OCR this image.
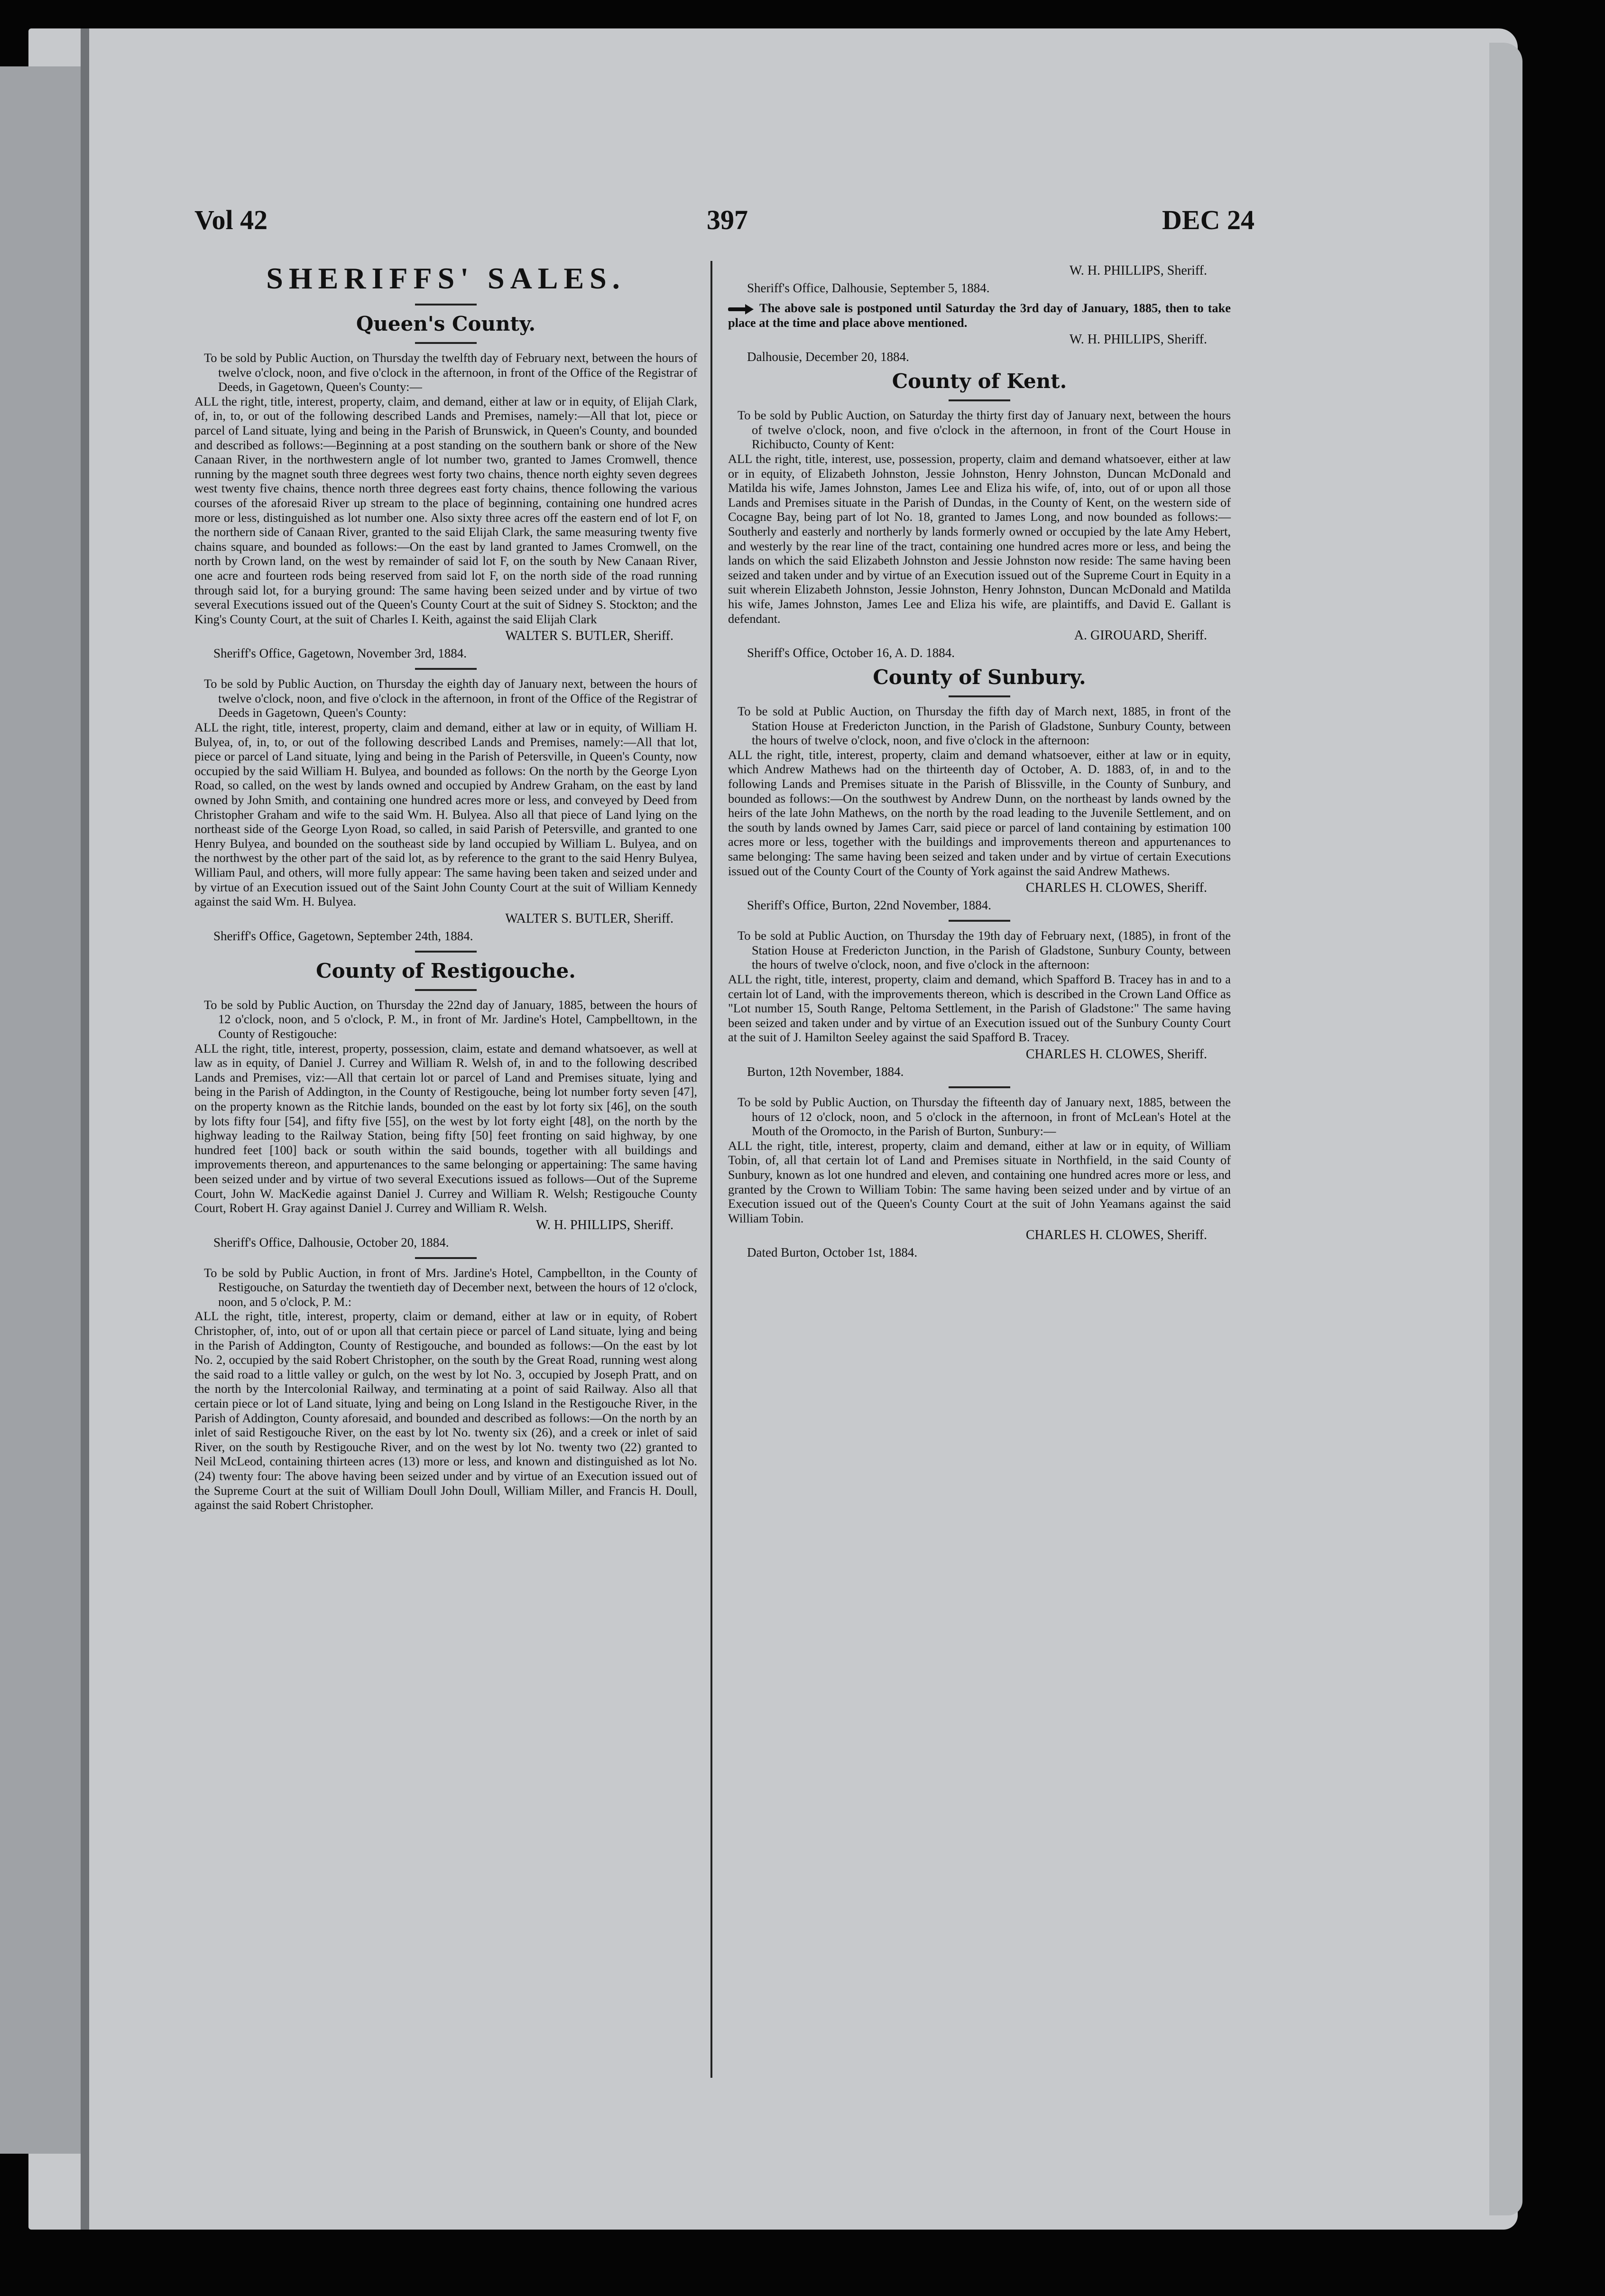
Vol 42	397	DEC 24
SHERIFFS' SALES.
Queen's County.

To be sold by Public Auction, on Thursday the twelfth day of February next, between the hours of twelve o'clock, noon, and five o'clock in the afternoon, in front of the Office of the Registrar of Deeds, in Gagetown, Queen's County:—

ALL the right, title, interest, property, claim, and demand, either at law or in equity, of Elijah Clark, of, in, to, or out of the following described Lands and Premises, namely:—All that lot, piece or parcel of Land situate, lying and being in the Parish of Brunswick, in Queen's County, and bounded and described as follows:—Beginning at a post standing on the southern bank or shore of the New Canaan River, in the northwestern angle of lot number two, granted to James Cromwell, thence running by the magnet south three degrees west forty two chains, thence north eighty seven degrees west twenty five chains, thence north three degrees east forty chains, thence following the various courses of the aforesaid River up stream to the place of beginning, containing one hundred acres more or less, distinguished as lot number one. Also sixty three acres off the eastern end of lot F, on the northern side of Canaan River, granted to the said Elijah Clark, the same measuring twenty five chains square, and bounded as follows:—On the east by land granted to James Cromwell, on the north by Crown land, on the west by remainder of said lot F, on the south by New Canaan River, one acre and fourteen rods being reserved from said lot F, on the north side of the road running through said lot, for a burying ground: The same having been seized under and by virtue of two several Executions issued out of the Queen's County Court at the suit of Sidney S. Stockton; and the King's County Court, at the suit of Charles I. Keith, against the said Elijah Clark

WALTER S. BUTLER, Sheriff.
Sheriff's Office, Gagetown, November 3rd, 1884.

To be sold by Public Auction, on Thursday the eighth day of January next, between the hours of twelve o'clock, noon, and five o'clock in the afternoon, in front of the Office of the Registrar of Deeds in Gagetown, Queen's County:

ALL the right, title, interest, property, claim and demand, either at law or in equity, of William H. Bulyea, of, in, to, or out of the following described Lands and Premises, namely:—All that lot, piece or parcel of Land situate, lying and being in the Parish of Petersville, in Queen's County, now occupied by the said William H. Bulyea, and bounded as follows: On the north by the George Lyon Road, so called, on the west by lands owned and occupied by Andrew Graham, on the east by land owned by John Smith, and containing one hundred acres more or less, and conveyed by Deed from Christopher Graham and wife to the said Wm. H. Bulyea. Also all that piece of Land lying on the northeast side of the George Lyon Road, so called, in said Parish of Petersville, and granted to one Henry Bulyea, and bounded on the southeast side by land occupied by William L. Bulyea, and on the northwest by the other part of the said lot, as by reference to the grant to the said Henry Bulyea, William Paul, and others, will more fully appear: The same having been taken and seized under and by virtue of an Execution issued out of the Saint John County Court at the suit of William Kennedy against the said Wm. H. Bulyea.

WALTER S. BUTLER, Sheriff.
Sheriff's Office, Gagetown, September 24th, 1884.
County of Restigouche.

To be sold by Public Auction, on Thursday the 22nd day of January, 1885, between the hours of 12 o'clock, noon, and 5 o'clock, P. M., in front of Mr. Jardine's Hotel, Campbelltown, in the County of Restigouche:

ALL the right, title, interest, property, possession, claim, estate and demand whatsoever, as well at law as in equity, of Daniel J. Currey and William R. Welsh of, in and to the following described Lands and Premises, viz:—All that certain lot or parcel of Land and Premises situate, lying and being in the Parish of Addington, in the County of Restigouche, being lot number forty seven [47], on the property known as the Ritchie lands, bounded on the east by lot forty six [46], on the south by lots fifty four [54], and fifty five [55], on the west by lot forty eight [48], on the north by the highway leading to the Railway Station, being fifty [50] feet fronting on said highway, by one hundred feet [100] back or south within the said bounds, together with all buildings and improvements thereon, and appurtenances to the same belonging or appertaining: The same having been seized under and by virtue of two several Executions issued as follows—Out of the Supreme Court, John W. MacKedie against Daniel J. Currey and William R. Welsh; Restigouche County Court, Robert H. Gray against Daniel J. Currey and William R. Welsh.

W. H. PHILLIPS, Sheriff.
Sheriff's Office, Dalhousie, October 20, 1884.

To be sold by Public Auction, in front of Mrs. Jardine's Hotel, Campbellton, in the County of Restigouche, on Saturday the twentieth day of December next, between the hours of 12 o'clock, noon, and 5 o'clock, P. M.:

ALL the right, title, interest, property, claim or demand, either at law or in equity, of Robert Christopher, of, into, out of or upon all that certain piece or parcel of Land situate, lying and being in the Parish of Addington, County of Restigouche, and bounded as follows:—On the east by lot No. 2, occupied by the said Robert Christopher, on the south by the Great Road, running west along the said road to a little valley or gulch, on the west by lot No. 3, occupied by Joseph Pratt, and on the north by the Intercolonial Railway, and terminating at a point of said Railway. Also all that certain piece or lot of Land situate, lying and being on Long Island in the Restigouche River, in the Parish of Addington, County aforesaid, and bounded and described as follows:—On the north by an inlet of said Restigouche River, on the east by lot No. twenty six (26), and a creek or inlet of said River, on the south by Restigouche River, and on the west by lot No. twenty two (22) granted to Neil McLeod, containing thirteen acres (13) more or less, and known and distinguished as lot No. (24) twenty four: The above having been seized under and by virtue of an Execution issued out of the Supreme Court at the suit of William Doull John Doull, William Miller, and Francis H. Doull, against the said Robert Christopher.

W. H. PHILLIPS, Sheriff.
Sheriff's Office, Dalhousie, September 5, 1884.

The above sale is postponed until Saturday the 3rd day of January, 1885, then to take place at the time and place above mentioned.

W. H. PHILLIPS, Sheriff.
Dalhousie, December 20, 1884.
County of Kent.

To be sold by Public Auction, on Saturday the thirty first day of January next, between the hours of twelve o'clock, noon, and five o'clock in the afternoon, in front of the Court House in Richibucto, County of Kent:

ALL the right, title, interest, use, possession, property, claim and demand whatsoever, either at law or in equity, of Elizabeth Johnston, Jessie Johnston, Henry Johnston, Duncan McDonald and Matilda his wife, James Johnston, James Lee and Eliza his wife, of, into, out of or upon all those Lands and Premises situate in the Parish of Dundas, in the County of Kent, on the western side of Cocagne Bay, being part of lot No. 18, granted to James Long, and now bounded as follows:—Southerly and easterly and northerly by lands formerly owned or occupied by the late Amy Hebert, and westerly by the rear line of the tract, containing one hundred acres more or less, and being the lands on which the said Elizabeth Johnston and Jessie Johnston now reside: The same having been seized and taken under and by virtue of an Execution issued out of the Supreme Court in Equity in a suit wherein Elizabeth Johnston, Jessie Johnston, Henry Johnston, Duncan McDonald and Matilda his wife, James Johnston, James Lee and Eliza his wife, are plaintiffs, and David E. Gallant is defendant.

A. GIROUARD, Sheriff.
Sheriff's Office, October 16, A. D. 1884.
County of Sunbury.

To be sold at Public Auction, on Thursday the fifth day of March next, 1885, in front of the Station House at Fredericton Junction, in the Parish of Gladstone, Sunbury County, between the hours of twelve o'clock, noon, and five o'clock in the afternoon:

ALL the right, title, interest, property, claim and demand whatsoever, either at law or in equity, which Andrew Mathews had on the thirteenth day of October, A. D. 1883, of, in and to the following Lands and Premises situate in the Parish of Blissville, in the County of Sunbury, and bounded as follows:—On the southwest by Andrew Dunn, on the northeast by lands owned by the heirs of the late John Mathews, on the north by the road leading to the Juvenile Settlement, and on the south by lands owned by James Carr, said piece or parcel of land containing by estimation 100 acres more or less, together with the buildings and improvements thereon and appurtenances to same belonging: The same having been seized and taken under and by virtue of certain Executions issued out of the County Court of the County of York against the said Andrew Mathews.

CHARLES H. CLOWES, Sheriff.
Sheriff's Office, Burton, 22nd November, 1884.

To be sold at Public Auction, on Thursday the 19th day of February next, (1885), in front of the Station House at Fredericton Junction, in the Parish of Gladstone, Sunbury County, between the hours of twelve o'clock, noon, and five o'clock in the afternoon:

ALL the right, title, interest, property, claim and demand, which Spafford B. Tracey has in and to a certain lot of Land, with the improvements thereon, which is described in the Crown Land Office as "Lot number 15, South Range, Peltoma Settlement, in the Parish of Gladstone:" The same having been seized and taken under and by virtue of an Execution issued out of the Sunbury County Court at the suit of J. Hamilton Seeley against the said Spafford B. Tracey.

CHARLES H. CLOWES, Sheriff.
Burton, 12th November, 1884.

To be sold by Public Auction, on Thursday the fifteenth day of January next, 1885, between the hours of 12 o'clock, noon, and 5 o'clock in the afternoon, in front of McLean's Hotel at the Mouth of the Oromocto, in the Parish of Burton, Sunbury:—

ALL the right, title, interest, property, claim and demand, either at law or in equity, of William Tobin, of, all that certain lot of Land and Premises situate in Northfield, in the said County of Sunbury, known as lot one hundred and eleven, and containing one hundred acres more or less, and granted by the Crown to William Tobin: The same having been seized under and by virtue of an Execution issued out of the Queen's County Court at the suit of John Yeamans against the said William Tobin.

CHARLES H. CLOWES, Sheriff.
Dated Burton, October 1st, 1884.
